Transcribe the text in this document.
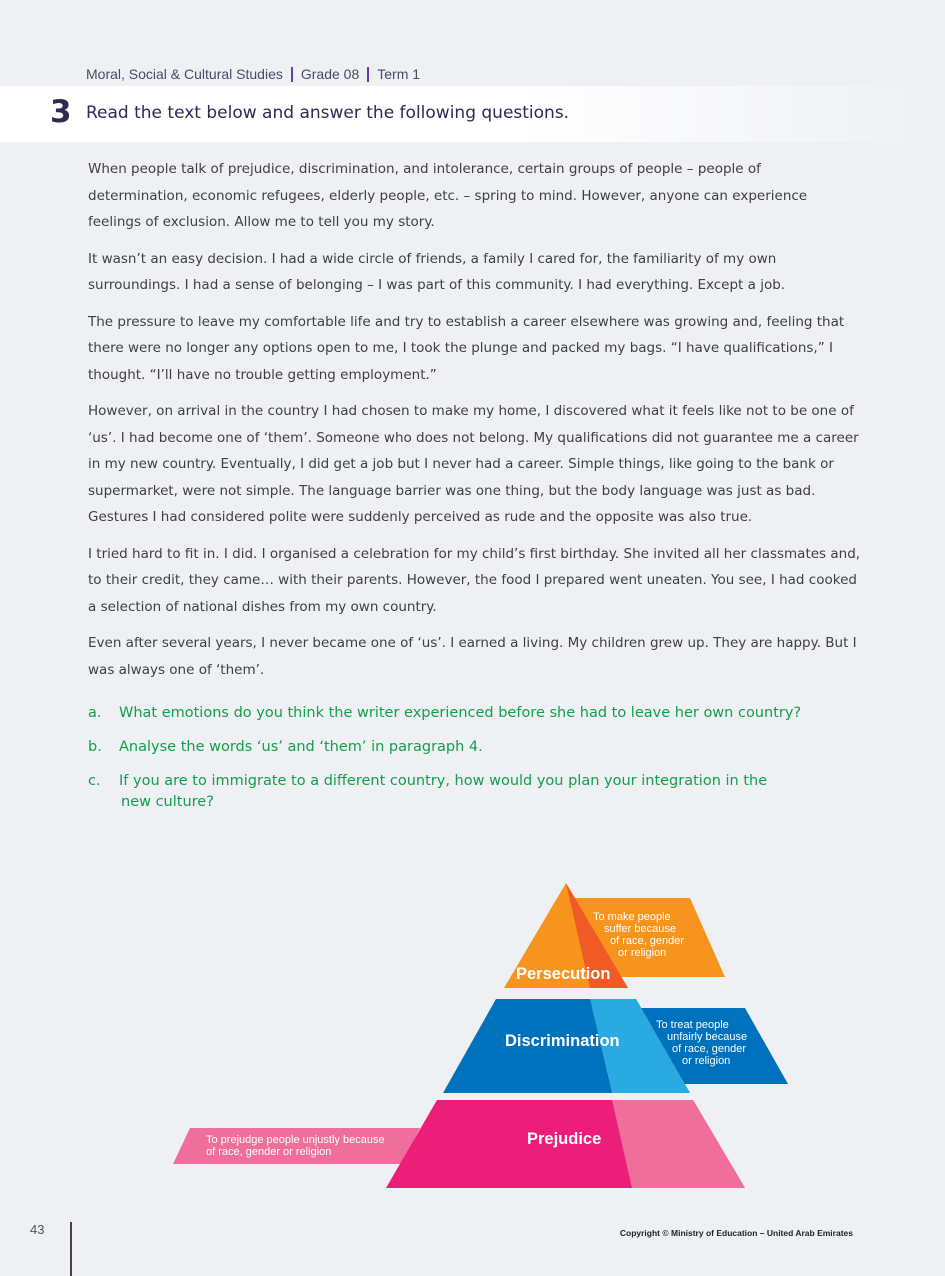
Moral, Social & Cultural Studies Grade 08 Term 1
3 Read the text below and answer the following questions.

When people talk of prejudice, discrimination, and intolerance, certain groups of people – people of determination, economic refugees, elderly people, etc. – spring to mind. However, anyone can experience feelings of exclusion. Allow me to tell you my story.

It wasn’t an easy decision. I had a wide circle of friends, a family I cared for, the familiarity of my own surroundings. I had a sense of belonging – I was part of this community. I had everything. Except a job.

The pressure to leave my comfortable life and try to establish a career elsewhere was growing and, feeling that there were no longer any options open to me, I took the plunge and packed my bags. “I have qualifications,” I thought. “I’ll have no trouble getting employment.”

However, on arrival in the country I had chosen to make my home, I discovered what it feels like not to be one of ‘us’. I had become one of ‘them’. Someone who does not belong. My qualifications did not guarantee me a career in my new country. Eventually, I did get a job but I never had a career. Simple things, like going to the bank or supermarket, were not simple. The language barrier was one thing, but the body language was just as bad. Gestures I had considered polite were suddenly perceived as rude and the opposite was also true.

I tried hard to fit in. I did. I organised a celebration for my child’s first birthday. She invited all her classmates and, to their credit, they came… with their parents. However, the food I prepared went uneaten. You see, I had cooked a selection of national dishes from my own country.

Even after several years, I never became one of ‘us’. I earned a living. My children grew up. They are happy. But I was always one of ‘them’.

a.	What emotions do you think the writer experienced before she had to leave her own country?
b.	Analyse the words ‘us’ and ‘them’ in paragraph 4.
c.	If you are to immigrate to a different country, how would you plan your integration in the
new culture?
Persecution
To make people
suffer because
of race, gender
or religion
Discrimination
To treat people
unfairly because
of race, gender
or religion
Prejudice
To prejudge people unjustly because
of race, gender or religion
43	Copyright © Ministry of Education – United Arab Emirates
